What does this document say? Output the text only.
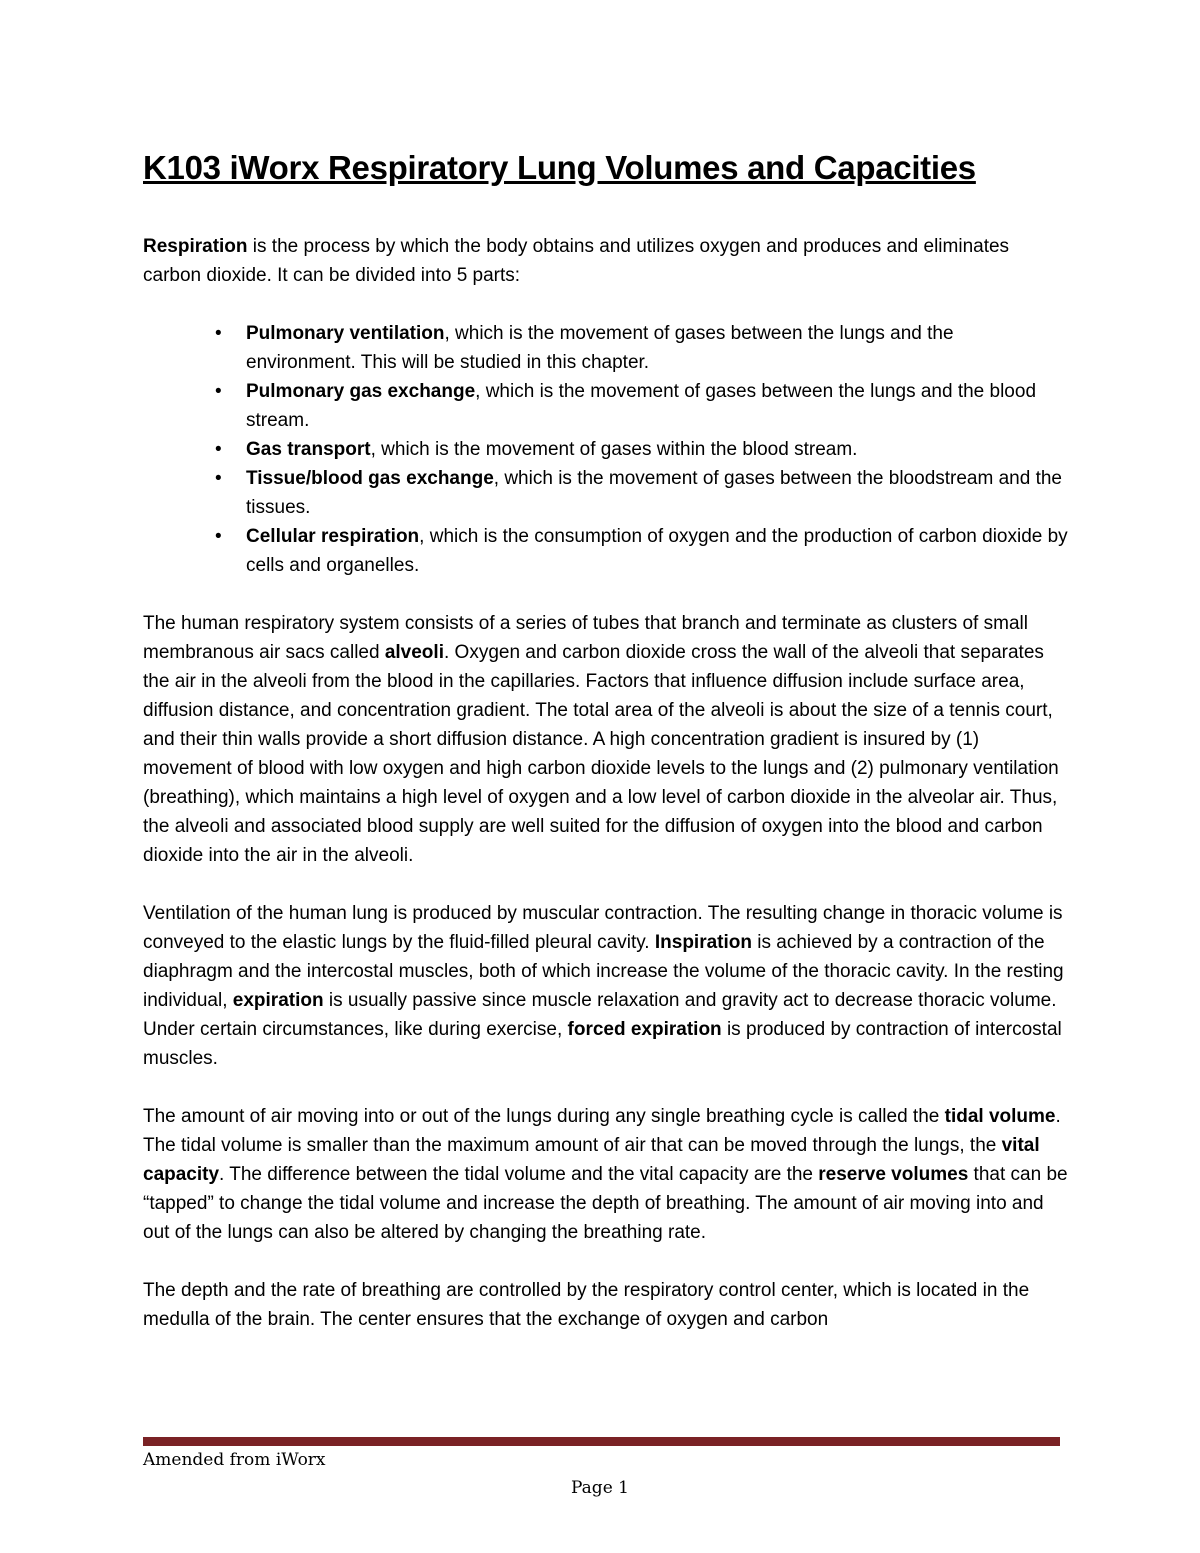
K103 iWorx Respiratory Lung Volumes and Capacities

Respiration is the process by which the body obtains and utilizes oxygen and produces and eliminates carbon dioxide. It can be divided into 5 parts:

• Pulmonary ventilation, which is the movement of gases between the lungs and the environment. This will be studied in this chapter.
• Pulmonary gas exchange, which is the movement of gases between the lungs and the blood stream.
• Gas transport, which is the movement of gases within the blood stream.
• Tissue/blood gas exchange, which is the movement of gases between the bloodstream and the tissues.
• Cellular respiration, which is the consumption of oxygen and the production of carbon dioxide by cells and organelles.

The human respiratory system consists of a series of tubes that branch and terminate as clusters of small membranous air sacs called alveoli. Oxygen and carbon dioxide cross the wall of the alveoli that separates the air in the alveoli from the blood in the capillaries. Factors that influence diffusion include surface area, diffusion distance, and concentration gradient. The total area of the alveoli is about the size of a tennis court, and their thin walls provide a short diffusion distance. A high concentration gradient is insured by (1) movement of blood with low oxygen and high carbon dioxide levels to the lungs and (2) pulmonary ventilation (breathing), which maintains a high level of oxygen and a low level of carbon dioxide in the alveolar air. Thus, the alveoli and associated blood supply are well suited for the diffusion of oxygen into the blood and carbon dioxide into the air in the alveoli.

Ventilation of the human lung is produced by muscular contraction. The resulting change in thoracic volume is conveyed to the elastic lungs by the fluid-filled pleural cavity. Inspiration is achieved by a contraction of the diaphragm and the intercostal muscles, both of which increase the volume of the thoracic cavity. In the resting individual, expiration is usually passive since muscle relaxation and gravity act to decrease thoracic volume. Under certain circumstances, like during exercise, forced expiration is produced by contraction of intercostal muscles.

The amount of air moving into or out of the lungs during any single breathing cycle is called the tidal volume. The tidal volume is smaller than the maximum amount of air that can be moved through the lungs, the vital capacity. The difference between the tidal volume and the vital capacity are the reserve volumes that can be “tapped” to change the tidal volume and increase the depth of breathing. The amount of air moving into and out of the lungs can also be altered by changing the breathing rate.

The depth and the rate of breathing are controlled by the respiratory control center, which is located in the medulla of the brain. The center ensures that the exchange of oxygen and carbon

Amended from iWorx
Page 1
